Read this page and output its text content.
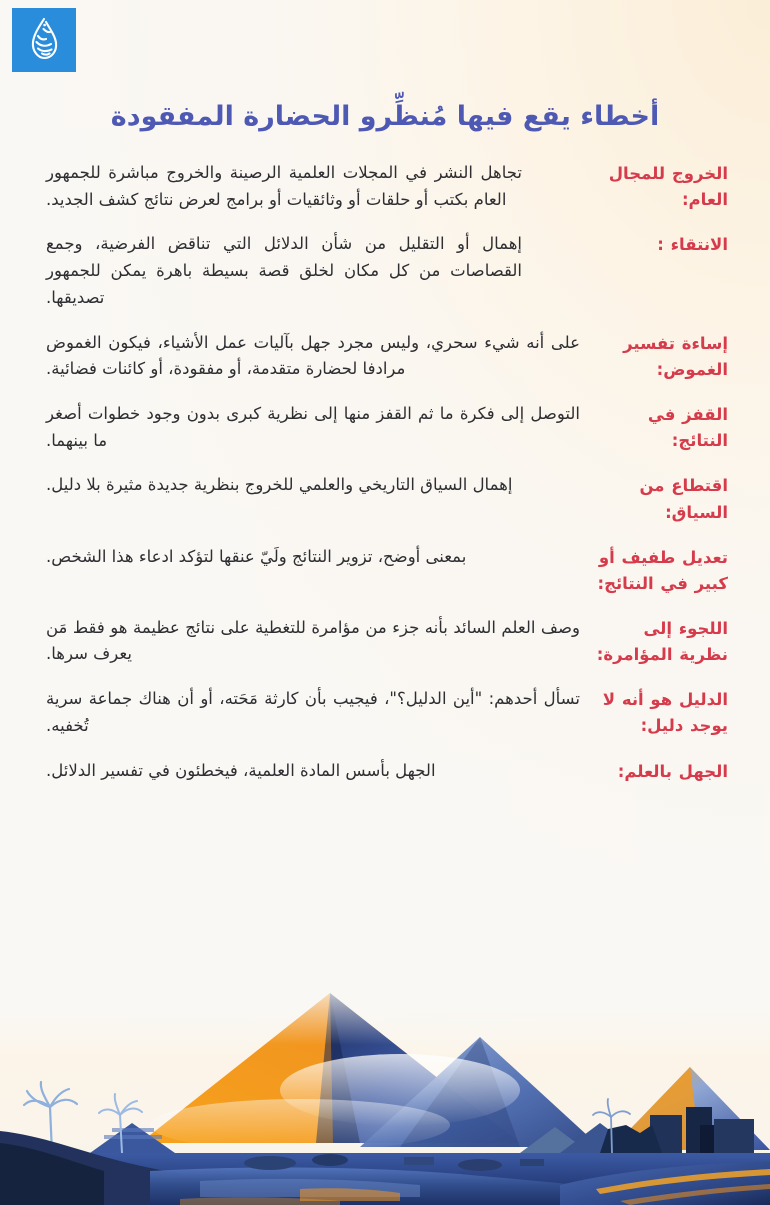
أخطاء يقع فيها مُنظِّرو الحضارة المفقودة
الخروج للمجال العام:
تجاهل النشر في المجلات العلمية الرصينة والخروج مباشرة للجمهور العام بكتب أو حلقات أو وثائقيات أو برامج لعرض نتائج كشف الجديد.
الانتقاء :
إهمال أو التقليل من شأن الدلائل التي تناقض الفرضية، وجمع القصاصات من كل مكان لخلق قصة بسيطة باهرة يمكن للجمهور تصديقها.
إساءة تفسير الغموض:
على أنه شيء سحري، وليس مجرد جهل بآليات عمل الأشياء، فيكون الغموض مرادفا لحضارة متقدمة، أو مفقودة، أو كائنات فضائية.
القفز في النتائج:
التوصل إلى فكرة ما ثم القفز منها إلى نظرية كبرى بدون وجود خطوات أصغر ما بينهما.
اقتطاع من السياق:
إهمال السياق التاريخي والعلمي للخروج بنظرية جديدة مثيرة بلا دليل.
تعديل طفيف أو كبير في النتائج:
بمعنى أوضح، تزوير النتائج ولَيّ عنقها لتؤكد ادعاء هذا الشخص.
اللجوء إلى نظرية المؤامرة:
وصف العلم السائد بأنه جزء من مؤامرة للتغطية على نتائج عظيمة هو فقط مَن يعرف سرها.
الدليل هو أنه لا يوجد دليل:
تسأل أحدهم: "أين الدليل؟"، فيجيب بأن كارثة مَحَته، أو أن هناك جماعة سرية تُخفيه.
الجهل بالعلم:
الجهل بأسس المادة العلمية، فيخطئون في تفسير الدلائل.
